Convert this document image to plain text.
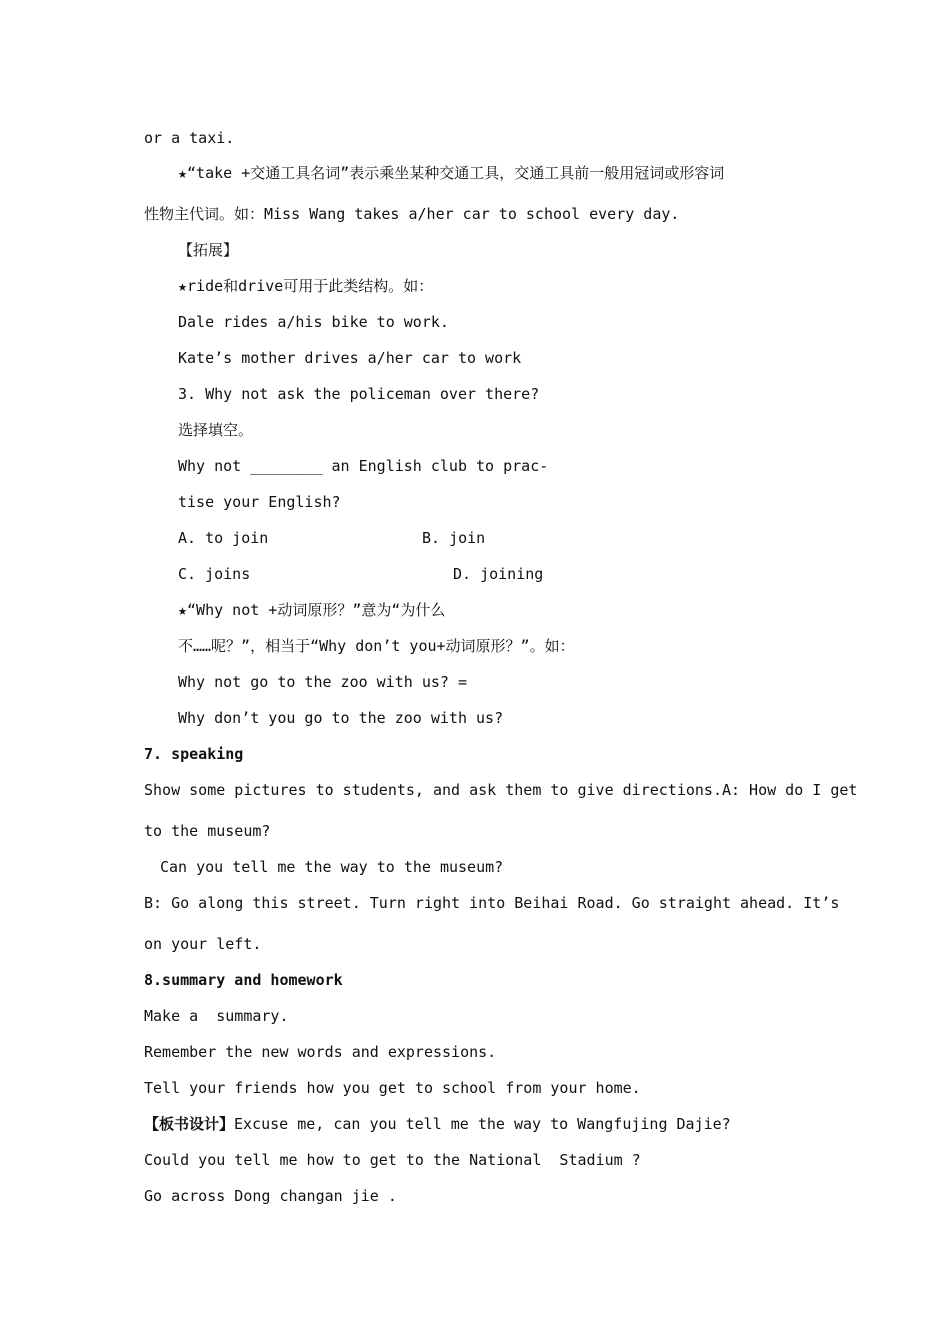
or a taxi.
★“take +交通工具名词”表示乘坐某种交通工具，交通工具前一般用冠词或形容词
性物主代词。如：Miss Wang takes a/her car to school every day.
【拓展】
★ride和drive可用于此类结构。如：
Dale rides a/his bike to work.
Kate’s mother drives a/her car to work
3. Why not ask the policeman over there?
选择填空。
Why not ________ an English club to prac-
tise your English?
A. to join	B. join
C. joins	D. joining
★“Why not +动词原形？”意为“为什么
不……呢？”，相当于“Why don’t you+动词原形？”。如：
Why not go to the zoo with us? =
Why don’t you go to the zoo with us?
7. speaking
Show some pictures to students, and ask them to give directions.A: How do I get
to the museum?
Can you tell me the way to the museum?
B: Go along this street. Turn right into Beihai Road. Go straight ahead. It’s
on your left.
8.summary and homework
Make a  summary.
Remember the new words and expressions.
Tell your friends how you get to school from your home.
【板书设计】Excuse me, can you tell me the way to Wangfujing Dajie?
Could you tell me how to get to the National  Stadium ?
Go across Dong changan jie .
